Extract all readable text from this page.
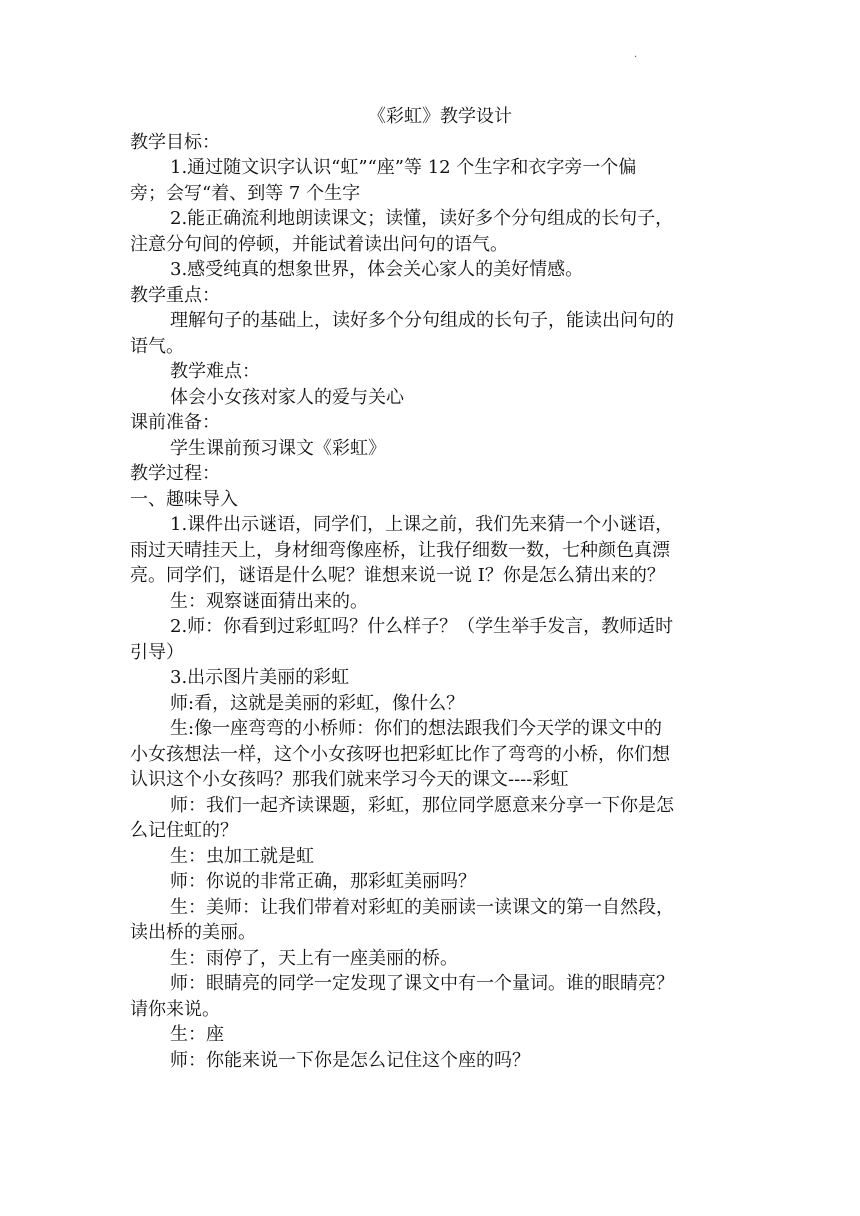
·
《彩虹》教学设计
教学目标：
1.通过随文识字认识“虹”“座”等 12 个生字和衣字旁一个偏
旁；会写“着、到等 7 个生字
2.能正确流利地朗读课文；读懂，读好多个分句组成的长句子，
注意分句间的停顿，并能试着读出问句的语气。
3.感受纯真的想象世界，体会关心家人的美好情感。
教学重点：
理解句子的基础上，读好多个分句组成的长句子，能读出问句的
语气。
教学难点：
体会小女孩对家人的爱与关心
课前准备：
学生课前预习课文《彩虹》
教学过程：
一、趣味导入
1.课件出示谜语，同学们，上课之前，我们先来猜一个小谜语，
雨过天晴挂天上，身材细弯像座桥，让我仔细数一数，七种颜色真漂
亮。同学们，谜语是什么呢？谁想来说一说 I？你是怎么猜出来的？
生：观察谜面猜出来的。
2.师：你看到过彩虹吗？什么样子？（学生举手发言，教师适时
引导）
3.出示图片美丽的彩虹
师:看，这就是美丽的彩虹，像什么？
生:像一座弯弯的小桥师：你们的想法跟我们今天学的课文中的
小女孩想法一样，这个小女孩呀也把彩虹比作了弯弯的小桥，你们想
认识这个小女孩吗？那我们就来学习今天的课文----彩虹
师：我们一起齐读课题，彩虹，那位同学愿意来分享一下你是怎
么记住虹的？
生：虫加工就是虹
师：你说的非常正确，那彩虹美丽吗？
生：美师：让我们带着对彩虹的美丽读一读课文的第一自然段，
读出桥的美丽。
生：雨停了，天上有一座美丽的桥。
师：眼睛亮的同学一定发现了课文中有一个量词。谁的眼睛亮？
请你来说。
生：座
师：你能来说一下你是怎么记住这个座的吗？
